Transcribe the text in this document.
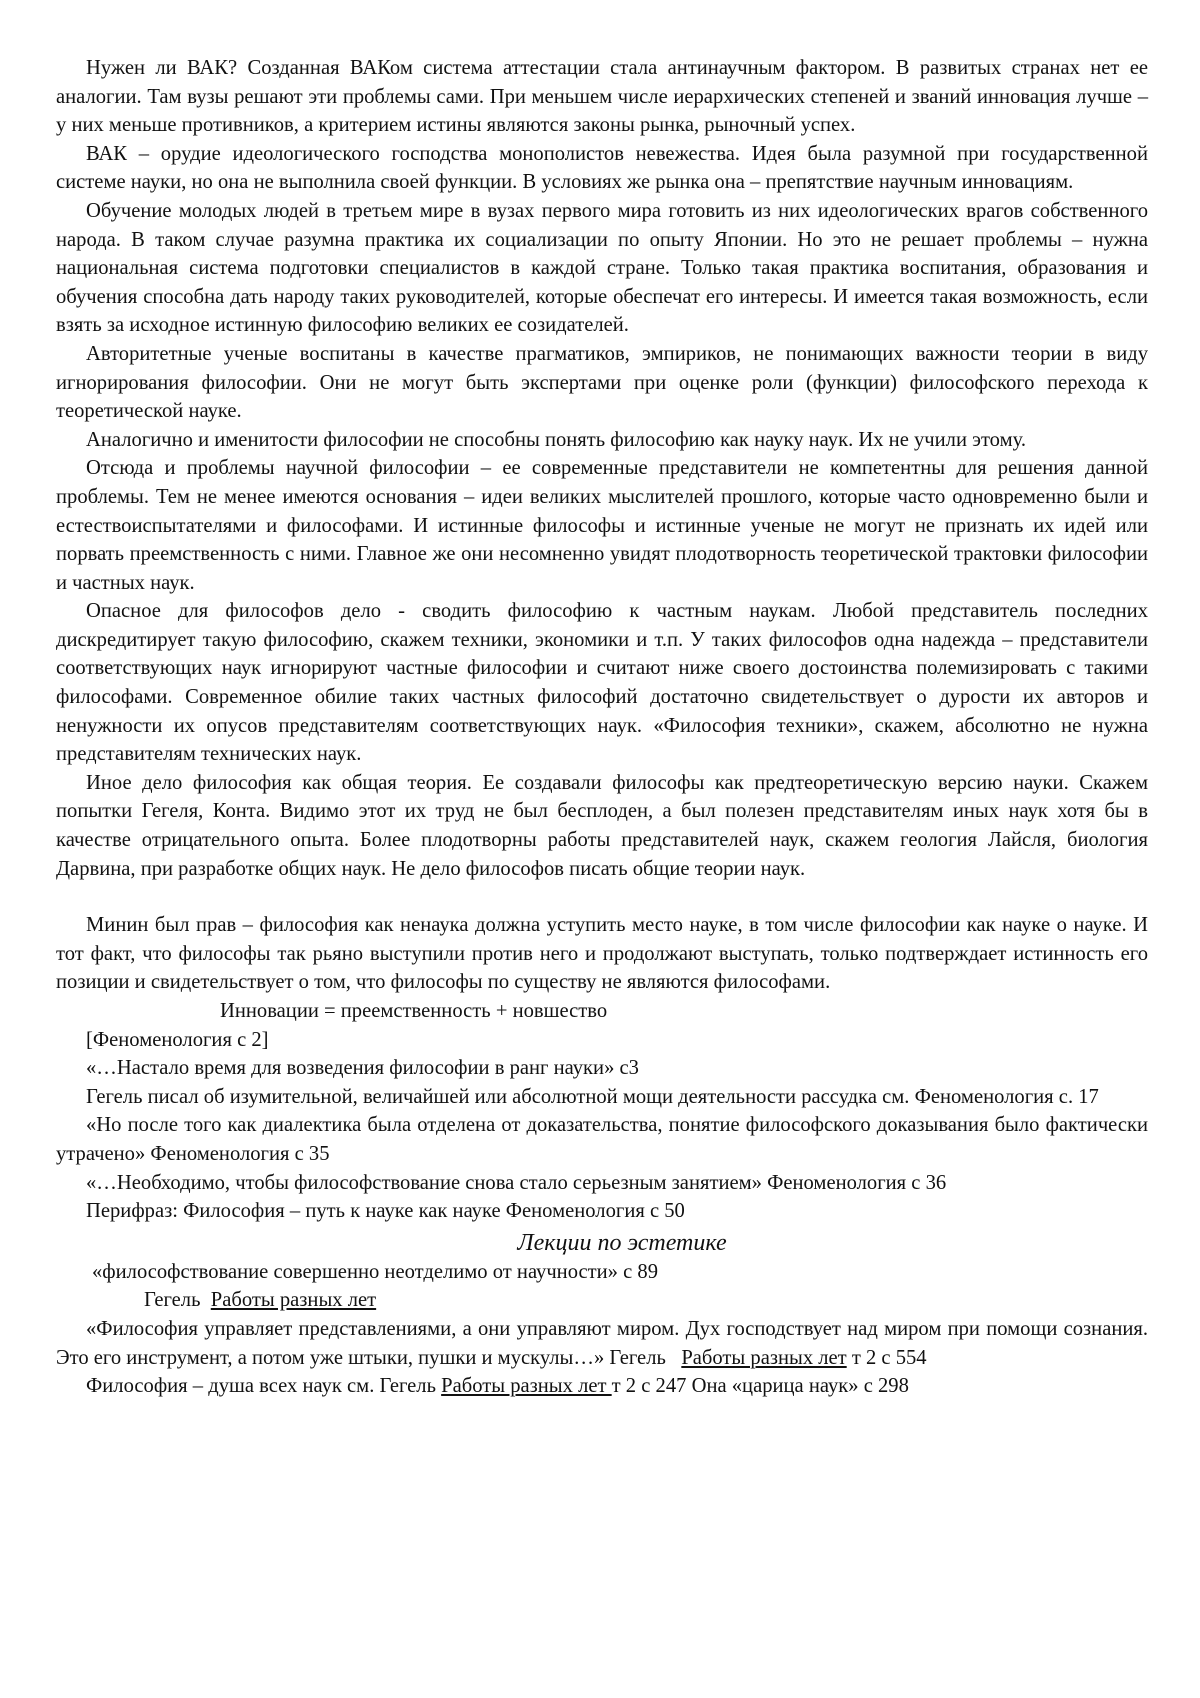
Нужен ли ВАК? Созданная ВАКом система аттестации стала антинаучным фактором. В развитых странах нет ее аналогии. Там вузы решают эти проблемы сами. При меньшем числе иерархических степеней и званий инновация лучше – у них меньше противников, а критерием истины являются законы рынка, рыночный успех.

ВАК – орудие идеологического господства монополистов невежества. Идея была разумной при государственной системе науки, но она не выполнила своей функции. В условиях же рынка она – препятствие научным инновациям.

Обучение молодых людей в третьем мире в вузах первого мира готовить из них идеологических врагов собственного народа. В таком случае разумна практика их социализации по опыту Японии. Но это не решает проблемы – нужна национальная система подготовки специалистов в каждой стране. Только такая практика воспитания, образования и обучения способна дать народу таких руководителей, которые обеспечат его интересы. И имеется такая возможность, если взять за исходное истинную философию великих ее созидателей.

Авторитетные ученые воспитаны в качестве прагматиков, эмпириков, не понимающих важности теории в виду игнорирования философии. Они не могут быть экспертами при оценке роли (функции) философского перехода к теоретической науке.

Аналогично и именитости философии не способны понять философию как науку наук. Их не учили этому.

Отсюда и проблемы научной философии – ее современные представители не компетентны для решения данной проблемы. Тем не менее имеются основания – идеи великих мыслителей прошлого, которые часто одновременно были и естествоиспытателями и философами. И истинные философы и истинные ученые не могут не признать их идей или порвать преемственность с ними. Главное же они несомненно увидят плодотворность теоретической трактовки философии и частных наук.

Опасное для философов дело - сводить философию к частным наукам. Любой представитель последних дискредитирует такую философию, скажем техники, экономики и т.п. У таких философов одна надежда – представители соответствующих наук игнорируют частные философии и считают ниже своего достоинства полемизировать с такими философами. Современное обилие таких частных философий достаточно свидетельствует о дурости их авторов и ненужности их опусов представителям соответствующих наук. «Философия техники», скажем, абсолютно не нужна представителям технических наук.

Иное дело философия как общая теория. Ее создавали философы как предтеоретическую версию науки. Скажем попытки Гегеля, Конта. Видимо этот их труд не был бесплоден, а был полезен представителям иных наук хотя бы в качестве отрицательного опыта. Более плодотворны работы представителей наук, скажем геология Лайсля, биология Дарвина, при разработке общих наук. Не дело философов писать общие теории наук.

Минин был прав – философия как ненаука должна уступить место науке, в том числе философии как науке о науке. И тот факт, что философы так рьяно выступили против него и продолжают выступать, только подтверждает истинность его позиции и свидетельствует о том, что философы по существу не являются философами.

Инновации = преемственность + новшество
[Феноменология с 2]
«…Настало время для возведения философии в ранг науки» с3

Гегель писал об изумительной, величайшей или абсолютной мощи деятельности рассудка см. Феноменология с. 17

«Но после того как диалектика была отделена от доказательства, понятие философского доказывания было фактически утрачено» Феноменология с 35

«…Необходимо, чтобы философствование снова стало серьезным занятием» Феноменология с 36
Перифраз: Философия – путь к науке как науке Феноменология с 50
Лекции по эстетике
«философствование совершенно неотделимо от научности» с 89
Гегель Работы разных лет

«Философия управляет представлениями, а они управляют миром. Дух господствует над миром при помощи сознания. Это его инструмент, а потом уже штыки, пушки и мускулы…» Гегель Работы разных лет т 2 с 554

Философия – душа всех наук см. Гегель Работы разных лет т 2 с 247 Она «царица наук» с 298
